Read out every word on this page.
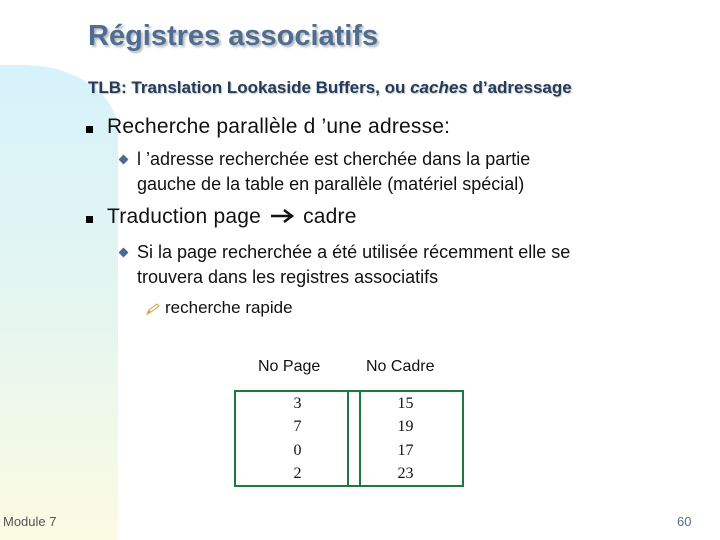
Régistres associatifs
TLB: Translation Lookaside Buffers, ou caches d’adressage
Recherche parallèle d ’une adresse:
l ’adresse recherchée est cherchée dans la partie
gauche de la table en parallèle (matériel spécial)
Traduction page cadre
Si la page recherchée a été utilisée récemment elle se
trouvera dans les registres associatifs
recherche rapide
No Page	No Cadre
3
7
0
2
15
19
17
23
Module 7	60
